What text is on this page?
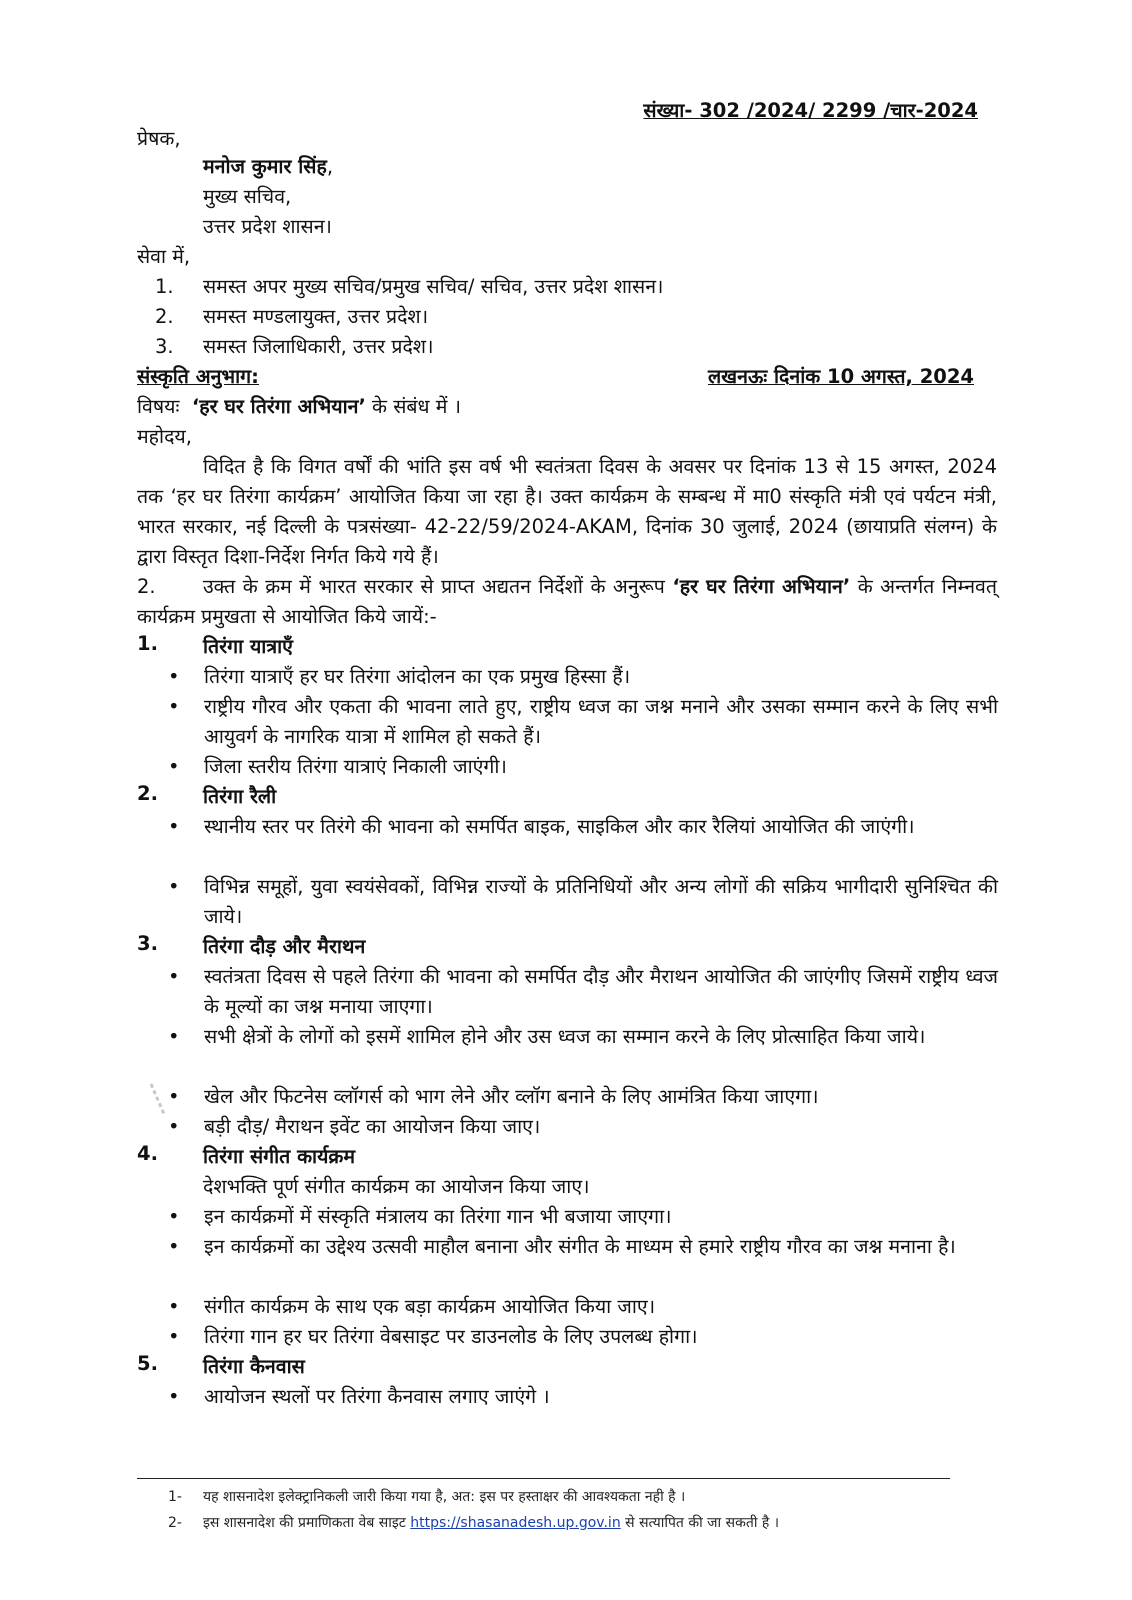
संख्या- 302 /2024/ 2299 /चार-2024
प्रेषक,
मनोज कुमार सिंह,
मुख्य सचिव,
उत्तर प्रदेश शासन।
सेवा में,
1. समस्त अपर मुख्य सचिव/प्रमुख सचिव/ सचिव, उत्तर प्रदेश शासन।
2. समस्त मण्डलायुक्त, उत्तर प्रदेश।
3. समस्त जिलाधिकारी, उत्तर प्रदेश।
संस्कृति अनुभाग:	लखनऊः दिनांक 10 अगस्त, 2024
विषयः ‘हर घर तिरंगा अभियान’ के संबंध में ।
महोदय,
विदित है कि विगत वर्षों की भांति इस वर्ष भी स्वतंत्रता दिवस के अवसर पर दिनांक 13 से 15 अगस्त, 2024 तक ‘हर घर तिरंगा कार्यक्रम’ आयोजित किया जा रहा है। उक्त कार्यक्रम के सम्बन्ध में मा0 संस्कृति मंत्री एवं पर्यटन मंत्री, भारत सरकार, नई दिल्ली के पत्रसंख्या- 42-22/59/2024-AKAM, दिनांक 30 जुलाई, 2024 (छायाप्रति संलग्न) के द्वारा विस्तृत दिशा-निर्देश निर्गत किये गये हैं।
2. उक्त के क्रम में भारत सरकार से प्राप्त अद्यतन निर्देशों के अनुरूप ‘हर घर तिरंगा अभियान’ के अन्तर्गत निम्नवत् कार्यक्रम प्रमुखता से आयोजित किये जायें:-
1. तिरंगा यात्राएँ
•	तिरंगा यात्राएँ हर घर तिरंगा आंदोलन का एक प्रमुख हिस्सा हैं।
•	राष्ट्रीय गौरव और एकता की भावना लाते हुए, राष्ट्रीय ध्वज का जश्न मनाने और उसका सम्मान करने के लिए सभी आयुवर्ग के नागरिक यात्रा में शामिल हो सकते हैं।
•	जिला स्तरीय तिरंगा यात्राएं निकाली जाएंगी।
2. तिरंगा रैली
•	स्थानीय स्तर पर तिरंगे की भावना को समर्पित बाइक, साइकिल और कार रैलियां आयोजित की जाएंगी।
•	विभिन्न समूहों, युवा स्वयंसेवकों, विभिन्न राज्यों के प्रतिनिधियों और अन्य लोगों की सक्रिय भागीदारी सुनिश्चित की जाये।
3. तिरंगा दौड़ और मैराथन
•	स्वतंत्रता दिवस से पहले तिरंगा की भावना को समर्पित दौड़ और मैराथन आयोजित की जाएंगीए जिसमें राष्ट्रीय ध्वज के मूल्यों का जश्न मनाया जाएगा।
•	सभी क्षेत्रों के लोगों को इसमें शामिल होने और उस ध्वज का सम्मान करने के लिए प्रोत्साहित किया जाये।
•	खेल और फिटनेस व्लॉगर्स को भाग लेने और व्लॉग बनाने के लिए आमंत्रित किया जाएगा।
•	बड़ी दौड़/ मैराथन इवेंट का आयोजन किया जाए।
4. तिरंगा संगीत कार्यक्रम
देशभक्ति पूर्ण संगीत कार्यक्रम का आयोजन किया जाए।
•	इन कार्यक्रमों में संस्कृति मंत्रालय का तिरंगा गान भी बजाया जाएगा।
•	इन कार्यक्रमों का उद्देश्य उत्सवी माहौल बनाना और संगीत के माध्यम से हमारे राष्ट्रीय गौरव का जश्न मनाना है।
•	संगीत कार्यक्रम के साथ एक बड़ा कार्यक्रम आयोजित किया जाए।
•	तिरंगा गान हर घर तिरंगा वेबसाइट पर डाउनलोड के लिए उपलब्ध होगा।
5. तिरंगा कैनवास
•	आयोजन स्थलों पर तिरंगा कैनवास लगाए जाएंगे ।
1- यह शासनादेश इलेक्ट्रानिकली जारी किया गया है, अत: इस पर हस्ताक्षर की आवश्यकता नही है ।
2- इस शासनादेश की प्रमाणिकता वेब साइट https://shasanadesh.up.gov.in से सत्यापित की जा सकती है ।
